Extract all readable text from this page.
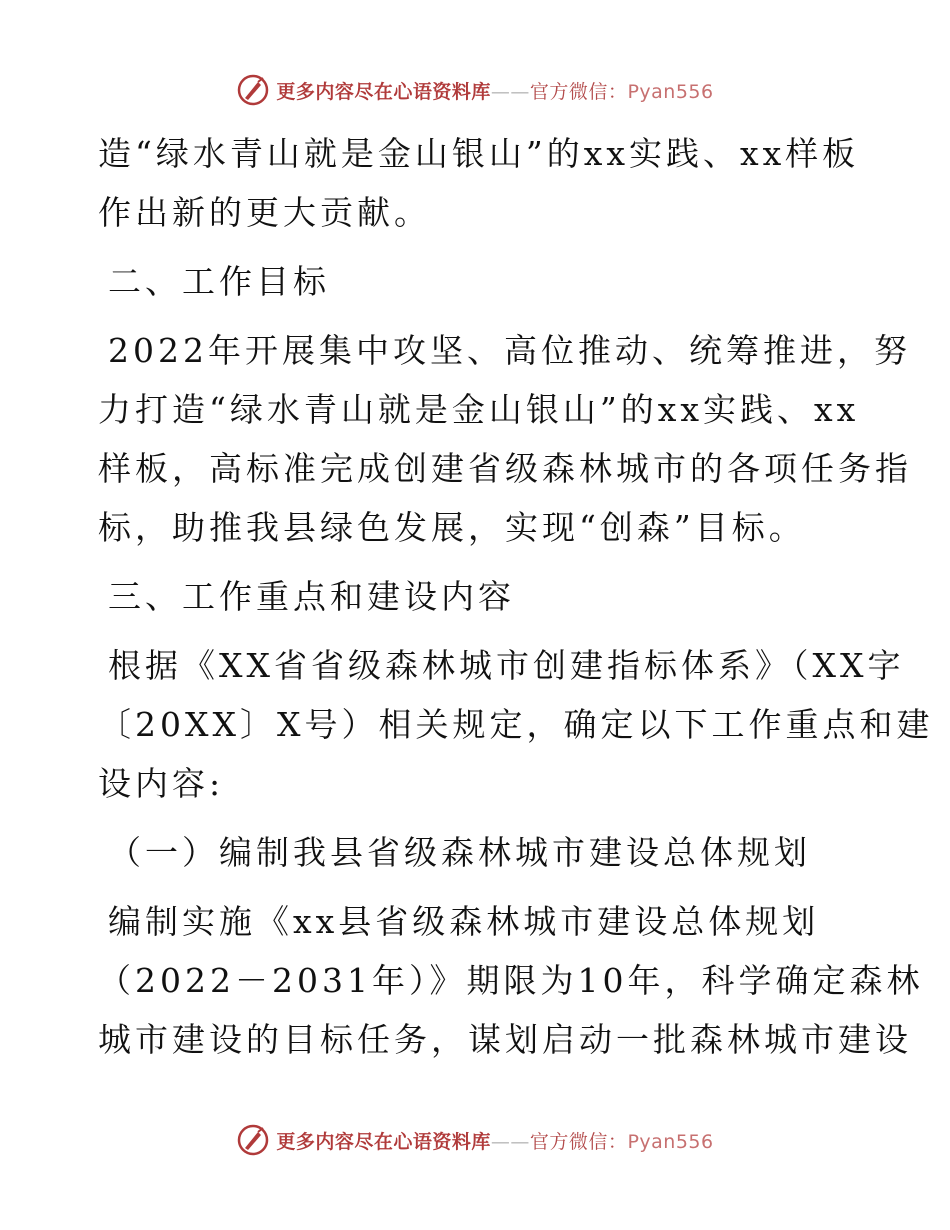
更多内容尽在心语资料库——官方微信：Pyan556

造“绿水青山就是金山银山”的xx实践、xx样板

作出新的更大贡献。

二、工作目标

2022年开展集中攻坚、高位推动、统筹推进，努

力打造“绿水青山就是金山银山”的xx实践、xx

样板，高标准完成创建省级森林城市的各项任务指

标，助推我县绿色发展，实现“创森”目标。

三、工作重点和建设内容

根据《XX省省级森林城市创建指标体系》（XX字

〔20XX〕X号）相关规定，确定以下工作重点和建

设内容:

（一）编制我县省级森林城市建设总体规划

编制实施《xx县省级森林城市建设总体规划

（2022－2031年）》期限为10年，科学确定森林

城市建设的目标任务，谋划启动一批森林城市建设

更多内容尽在心语资料库——官方微信：Pyan556
